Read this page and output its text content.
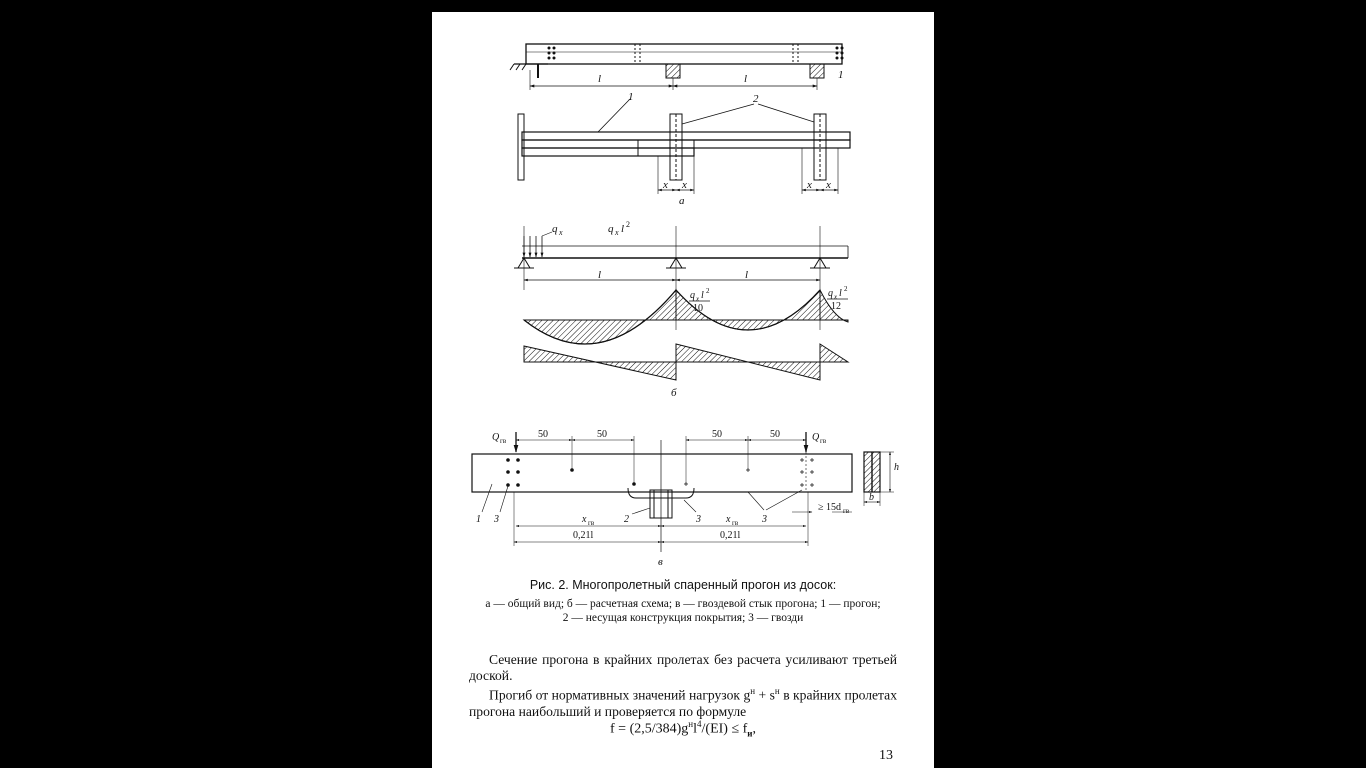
l	l	1
1	2
x x	x x
а
q x	q x l 2
l	l
q x l 2
10
q x l 2
12
б
Q гв	Q гв
50	50	50	50
1 3	2	3	3
x гв	x гв
0,21l	0,21l
≥ 15d гв
h
b
в
Рис. 2. Многопролетный спаренный прогон из досок:
а — общий вид; б — расчетная схема; в — гвоздевой стык прогона; 1 — прогон;
2 — несущая конструкция покрытия; 3 — гвозди
Сечение прогона в крайних пролетах без расчета усиливают третьей доской.
Прогиб от нормативных значений нагрузок $g^н + s^н$ в крайних пролетах прогона наибольший и проверяется по формуле
$f = (2,5/384)g^нl^4/(EI) \le f_и$,
13
